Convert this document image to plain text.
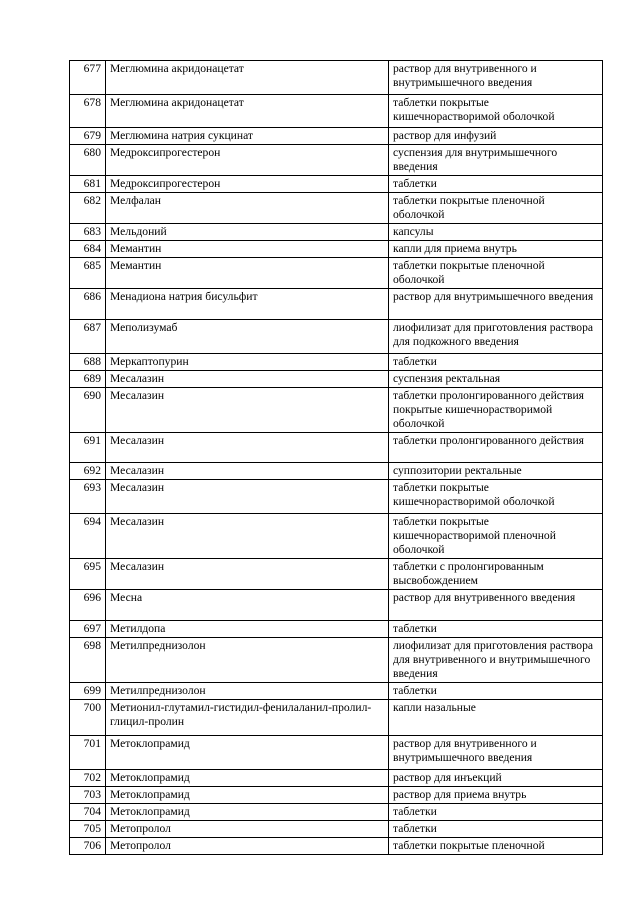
677	Меглюмина акридонацетат	раствор для внутривенного и внутримышечного введения
678	Меглюмина акридонацетат	таблетки покрытые кишечнорастворимой оболочкой
679	Меглюмина натрия сукцинат	раствор для инфузий
680	Медроксипрогестерон	суспензия для внутримышечного введения
681	Медроксипрогестерон	таблетки
682	Мелфалан	таблетки покрытые пленочной оболочкой
683	Мельдоний	капсулы
684	Мемантин	капли для приема внутрь
685	Мемантин	таблетки покрытые пленочной оболочкой
686	Менадиона натрия бисульфит	раствор для внутримышечного введения
687	Меполизумаб	лиофилизат для приготовления раствора для подкожного введения
688	Меркаптопурин	таблетки
689	Месалазин	суспензия ректальная
690	Месалазин	таблетки пролонгированного действия покрытые кишечнорастворимой оболочкой
691	Месалазин	таблетки пролонгированного действия
692	Месалазин	суппозитории ректальные
693	Месалазин	таблетки покрытые кишечнорастворимой оболочкой
694	Месалазин	таблетки покрытые кишечнорастворимой пленочной оболочкой
695	Месалазин	таблетки с пролонгированным высвобождением
696	Месна	раствор для внутривенного введения
697	Метилдопа	таблетки
698	Метилпреднизолон	лиофилизат для приготовления раствора для внутривенного и внутримышечного введения
699	Метилпреднизолон	таблетки
700	Метионил-глутамил-гистидил-фенилаланил-пролил-глицил-пролин	капли назальные
701	Метоклопрамид	раствор для внутривенного и внутримышечного введения
702	Метоклопрамид	раствор для инъекций
703	Метоклопрамид	раствор для приема внутрь
704	Метоклопрамид	таблетки
705	Метопролол	таблетки
706	Метопролол	таблетки покрытые пленочной
